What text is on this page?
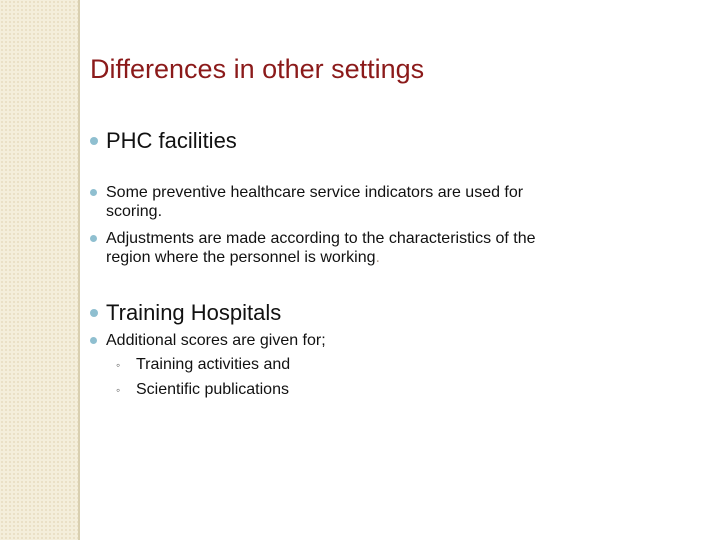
Differences in other settings
PHC facilities
Some preventive healthcare service indicators are used for
scoring.
Adjustments are made according to the characteristics of the
region where the personnel is working.
Training Hospitals
Additional scores are given for;
◦ Training activities and
◦ Scientific publications
